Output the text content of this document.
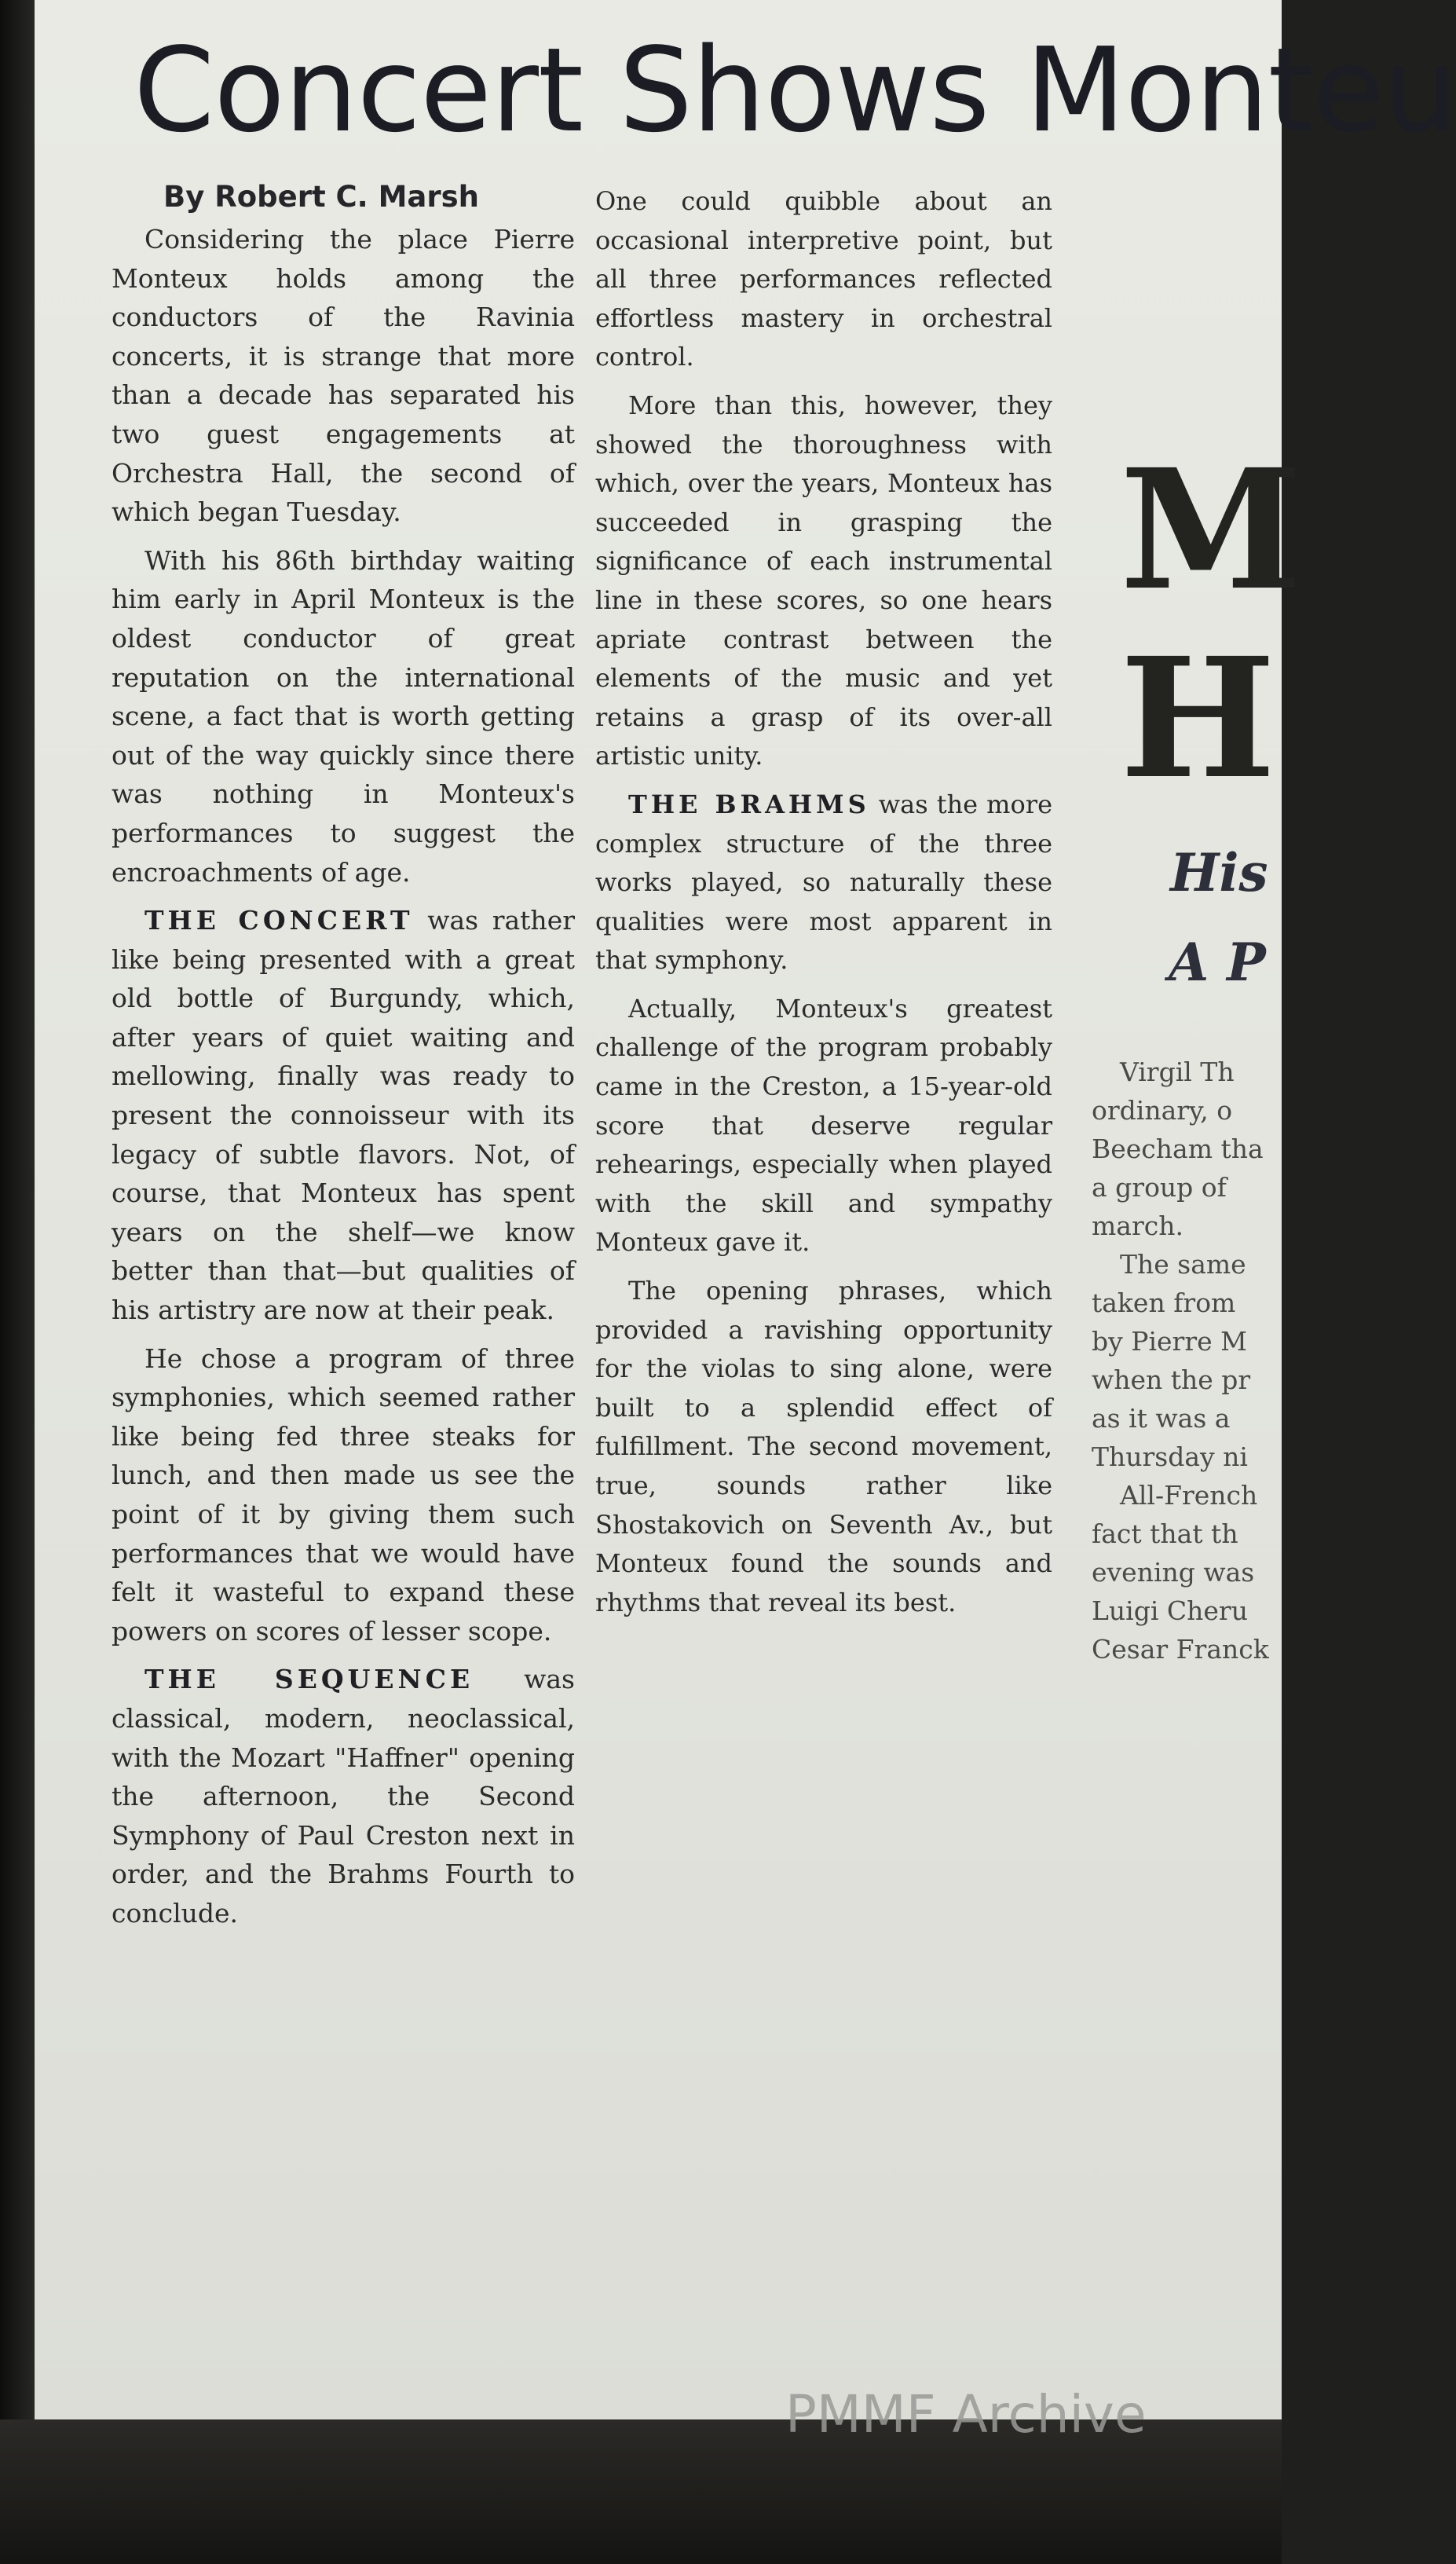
Concert Shows Monteu

By Robert C. Marsh

Considering the place Pierre Monteux holds among the conductors of the Ravinia concerts, it is strange that more than a decade has separated his two guest engagements at Orchestra Hall, the second of which began Tuesday.

With his 86th birthday waiting him early in April Monteux is the oldest conductor of great reputation on the international scene, a fact that is worth getting out of the way quickly since there was nothing in Monteux's performances to suggest the encroachments of age.

THE CONCERT was rather like being presented with a great old bottle of Burgundy, which, after years of quiet waiting and mellowing, finally was ready to present the connoisseur with its legacy of subtle flavors. Not, of course, that Monteux has spent years on the shelf—we know better than that—but qualities of his artistry are now at their peak.

He chose a program of three symphonies, which seemed rather like being fed three steaks for lunch, and then made us see the point of it by giving them such performances that we would have felt it wasteful to expand these powers on scores of lesser scope.

THE SEQUENCE was classical, modern, neoclassical, with the Mozart "Haffner" opening the afternoon, the Second Symphony of Paul Creston next in order, and the Brahms Fourth to conclude.

One could quibble about an occasional interpretive point, but all three performances reflected effortless mastery in orchestral control.

More than this, however, they showed the thoroughness with which, over the years, Monteux has succeeded in grasping the significance of each instrumental line in these scores, so one hears apriate contrast between the elements of the music and yet retains a grasp of its over-all artistic unity.

THE BRAHMS was the more complex structure of the three works played, so naturally these qualities were most apparent in that symphony.

Actually, Monteux's greatest challenge of the program probably came in the Creston, a 15-year-old score that deserve regular rehearings, especially when played with the skill and sympathy Monteux gave it.

The opening phrases, which provided a ravishing opportunity for the violas to sing alone, were built to a splendid effect of fulfillment. The second movement, true, sounds rather like Shostakovich on Seventh Av., but Monteux found the sounds and rhythms that reveal its best.

M

H

His

A P

Virgil Th
ordinary, o
Beecham tha
a group of
march.
The same
taken from
by Pierre M
when the pr
as it was a
Thursday ni
All-French
fact that th
evening was
Luigi Cheru
Cesar Franck
PMMF Archive
